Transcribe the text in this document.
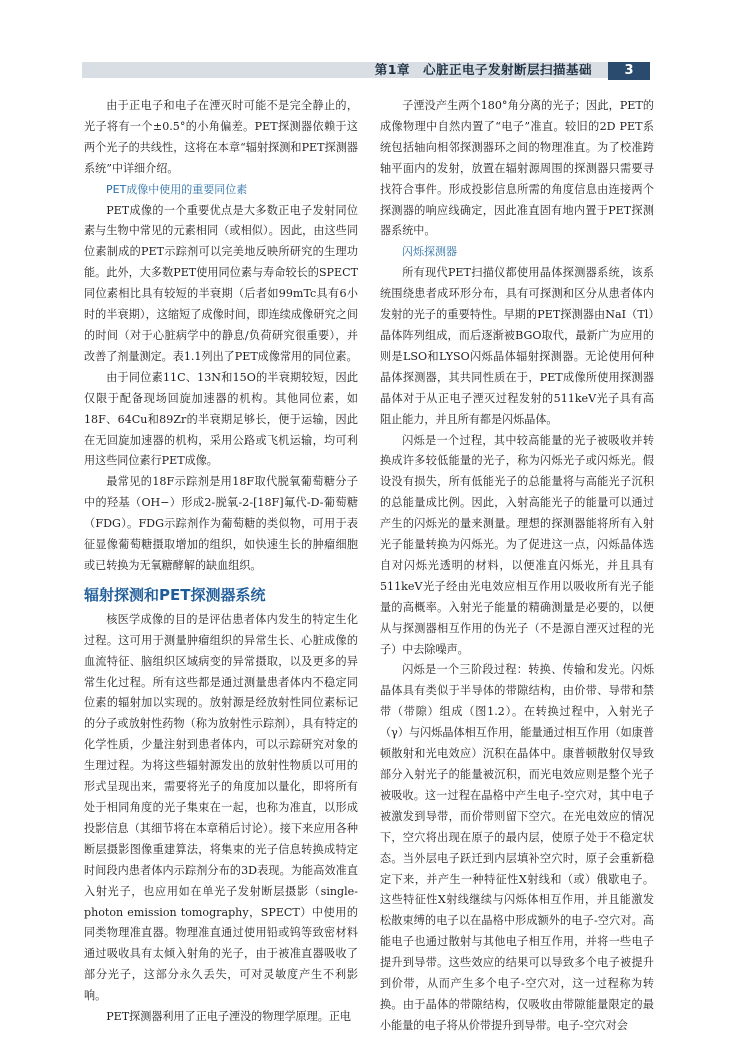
第1章　心脏正电子发射断层扫描基础	3

由于正电子和电子在湮灭时可能不是完全静止的，光子将有一个±0.5°的小角偏差。PET探测器依赖于这两个光子的共线性，这将在本章“辐射探测和PET探测器系统”中详细介绍。

PET成像中使用的重要同位素

PET成像的一个重要优点是大多数正电子发射同位素与生物中常见的元素相同（或相似）。因此，由这些同位素制成的PET示踪剂可以完美地反映所研究的生理功能。此外，大多数PET使用同位素与寿命较长的SPECT同位素相比具有较短的半衰期（后者如99mTc具有6小时的半衰期），这缩短了成像时间，即连续成像研究之间的时间（对于心脏病学中的静息/负荷研究很重要），并改善了剂量测定。表1.1列出了PET成像常用的同位素。

由于同位素11C、13N和15O的半衰期较短，因此仅限于配备现场回旋加速器的机构。其他同位素，如18F、64Cu和89Zr的半衰期足够长，便于运输，因此在无回旋加速器的机构，采用公路或飞机运输，均可利用这些同位素行PET成像。

最常见的18F示踪剂是用18F取代脱氧葡萄糖分子中的羟基（OH−）形成2-脱氧-2-[18F]氟代-D-葡萄糖（FDG）。FDG示踪剂作为葡萄糖的类似物，可用于表征显像葡萄糖摄取增加的组织，如快速生长的肿瘤细胞或已转换为无氧糖酵解的缺血组织。

辐射探测和PET探测器系统

核医学成像的目的是评估患者体内发生的特定生化过程。这可用于测量肿瘤组织的异常生长、心脏成像的血流特征、脑组织区域病变的异常摄取，以及更多的异常生化过程。所有这些都是通过测量患者体内不稳定同位素的辐射加以实现的。放射源是经放射性同位素标记的分子或放射性药物（称为放射性示踪剂），具有特定的化学性质，少量注射到患者体内，可以示踪研究对象的生理过程。为将这些辐射源发出的放射性物质以可用的形式呈现出来，需要将光子的角度加以量化，即将所有处于相同角度的光子集束在一起，也称为准直，以形成投影信息（其细节将在本章稍后讨论）。接下来应用各种断层摄影图像重建算法，将集束的光子信息转换成特定时间段内患者体内示踪剂分布的3D表现。为能高效准直入射光子，也应用如在单光子发射断层摄影（single-photon emission tomography，SPECT）中使用的同类物理准直器。物理准直通过使用铅或钨等致密材料通过吸收具有太倾入射角的光子，由于被准直器吸收了部分光子，这部分永久丢失，可对灵敏度产生不利影响。

PET探测器利用了正电子湮没的物理学原理。正电

子湮没产生两个180°角分离的光子；因此，PET的成像物理中自然内置了“电子”准直。较旧的2D PET系统包括轴向相邻探测器环之间的物理准直。为了校准跨轴平面内的发射，放置在辐射源周围的探测器只需要寻找符合事件。形成投影信息所需的角度信息由连接两个探测器的响应线确定，因此准直固有地内置于PET探测器系统中。

闪烁探测器

所有现代PET扫描仪都使用晶体探测器系统，该系统围绕患者成环形分布，具有可探测和区分从患者体内发射的光子的重要特性。早期的PET探测器由NaI（Tl）晶体阵列组成，而后逐渐被BGO取代，最新广为应用的则是LSO和LYSO闪烁晶体辐射探测器。无论使用何种晶体探测器，其共同性质在于，PET成像所使用探测器晶体对于从正电子湮灭过程发射的511keV光子具有高阻止能力，并且所有都是闪烁晶体。

闪烁是一个过程，其中较高能量的光子被吸收并转换成许多较低能量的光子，称为闪烁光子或闪烁光。假设没有损失，所有低能光子的总能量将与高能光子沉积的总能量成比例。因此，入射高能光子的能量可以通过产生的闪烁光的量来测量。理想的探测器能将所有入射光子能量转换为闪烁光。为了促进这一点，闪烁晶体选自对闪烁光透明的材料，以便准直闪烁光，并且具有511keV光子经由光电效应相互作用以吸收所有光子能量的高概率。入射光子能量的精确测量是必要的，以便从与探测器相互作用的伪光子（不是源自湮灭过程的光子）中去除噪声。

闪烁是一个三阶段过程：转换、传输和发光。闪烁晶体具有类似于半导体的带隙结构，由价带、导带和禁带（带隙）组成（图1.2）。在转换过程中，入射光子（γ）与闪烁晶体相互作用，能量通过相互作用（如康普顿散射和光电效应）沉积在晶体中。康普顿散射仅导致部分入射光子的能量被沉积，而光电效应则是整个光子被吸收。这一过程在晶格中产生电子-空穴对，其中电子被激发到导带，而价带则留下空穴。在光电效应的情况下，空穴将出现在原子的最内层，使原子处于不稳定状态。当外层电子跃迁到内层填补空穴时，原子会重新稳定下来，并产生一种特征性X射线和（或）俄歇电子。这些特征性X射线继续与闪烁体相互作用，并且能激发松散束缚的电子以在晶格中形成额外的电子-空穴对。高能电子也通过散射与其他电子相互作用，并将一些电子提升到导带。这些效应的结果可以导致多个电子被提升到价带，从而产生多个电子-空穴对，这一过程称为转换。由于晶体的带隙结构，仅吸收由带隙能量限定的最小能量的电子将从价带提升到导带。电子-空穴对会
